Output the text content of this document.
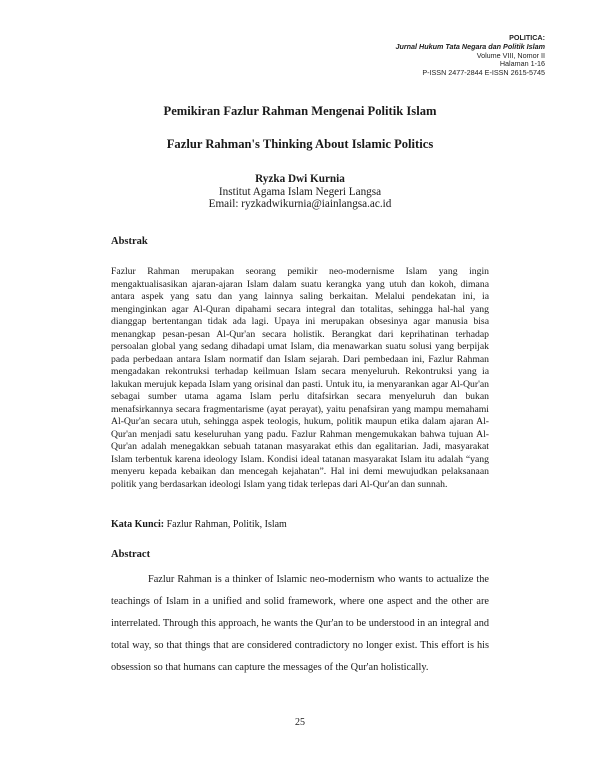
POLITICA:
Jurnal Hukum Tata Negara dan Politik Islam
Volume VIII, Nomor II
Halaman 1-16
P-ISSN 2477-2844 E-ISSN 2615-5745
Pemikiran Fazlur Rahman Mengenai Politik Islam
Fazlur Rahman's Thinking About Islamic Politics
Ryzka Dwi Kurnia
Institut Agama Islam Negeri Langsa
Email: ryzkadwikurnia@iainlangsa.ac.id
Abstrak

Fazlur Rahman merupakan seorang pemikir neo-modernisme Islam yang ingin mengaktualisasikan ajaran-ajaran Islam dalam suatu kerangka yang utuh dan kokoh, dimana antara aspek yang satu dan yang lainnya saling berkaitan. Melalui pendekatan ini, ia menginginkan agar Al-Quran dipahami secara integral dan totalitas, sehingga hal-hal yang dianggap bertentangan tidak ada lagi. Upaya ini merupakan obsesinya agar manusia bisa menangkap pesan-pesan Al-Qur'an secara holistik. Berangkat dari keprihatinan terhadap persoalan global yang sedang dihadapi umat Islam, dia menawarkan suatu solusi yang berpijak pada perbedaan antara Islam normatif dan Islam sejarah. Dari pembedaan ini, Fazlur Rahman mengadakan rekontruksi terhadap keilmuan Islam secara menyeluruh. Rekontruksi yang ia lakukan merujuk kepada Islam yang orisinal dan pasti. Untuk itu, ia menyarankan agar Al-Qur'an sebagai sumber utama agama Islam perlu ditafsirkan secara menyeluruh dan bukan menafsirkannya secara fragmentarisme (ayat perayat), yaitu penafsiran yang mampu memahami Al-Qur'an secara utuh, sehingga aspek teologis, hukum, politik maupun etika dalam ajaran Al-Qur'an menjadi satu keseluruhan yang padu. Fazlur Rahman mengemukakan bahwa tujuan Al-Qur'an adalah menegakkan sebuah tatanan masyarakat ethis dan egalitarian. Jadi, masyarakat Islam terbentuk karena ideology Islam. Kondisi ideal tatanan masyarakat Islam itu adalah “yang menyeru kepada kebaikan dan mencegah kejahatan”. Hal ini demi mewujudkan pelaksanaan politik yang berdasarkan ideologi Islam yang tidak terlepas dari Al-Qur'an dan sunnah.

Kata Kunci: Fazlur Rahman, Politik, Islam
Abstract

Fazlur Rahman is a thinker of Islamic neo-modernism who wants to actualize the teachings of Islam in a unified and solid framework, where one aspect and the other are interrelated. Through this approach, he wants the Qur'an to be understood in an integral and total way, so that things that are considered contradictory no longer exist. This effort is his obsession so that humans can capture the messages of the Qur'an holistically.

25
